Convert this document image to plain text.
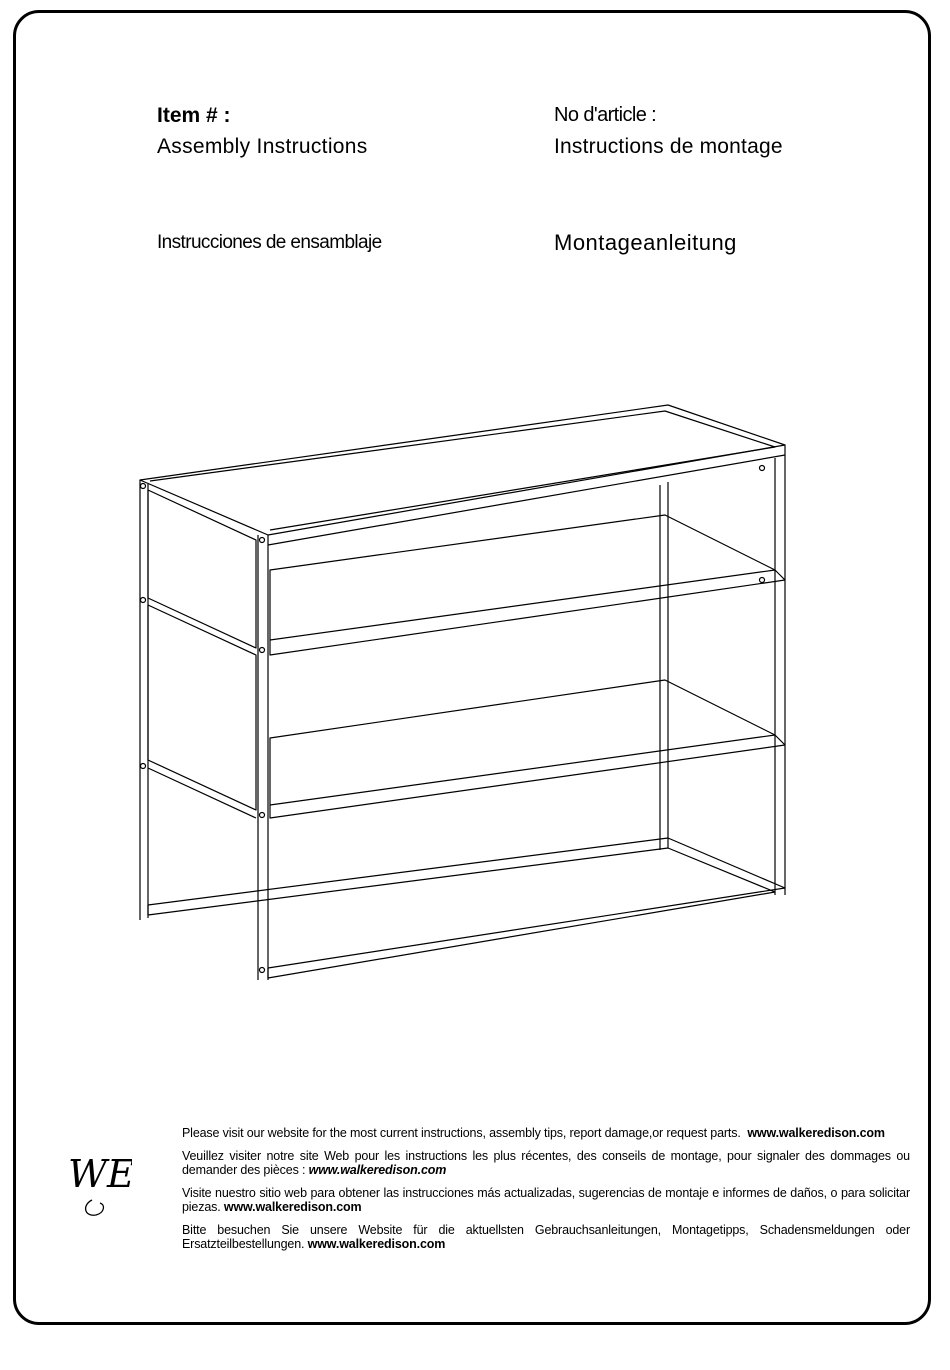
Item # :
Assembly Instructions
No d'article :
Instructions de montage
Instrucciones de ensamblaje	Montageanleitung
WE

Please visit our website for the most current instructions, assembly tips, report damage,or request parts. www.walkeredison.com

Veuillez visiter notre site Web pour les instructions les plus récentes, des conseils de montage, pour signaler des dommages ou demander des pièces : www.walkeredison.com

Visite nuestro sitio web para obtener las instrucciones más actualizadas, sugerencias de montaje e informes de daños, o para solicitar piezas. www.walkeredison.com

Bitte besuchen Sie unsere Website für die aktuellsten Gebrauchsanleitungen, Montagetipps, Schadensmeldungen oder Ersatzteilbestellungen. www.walkeredison.com
